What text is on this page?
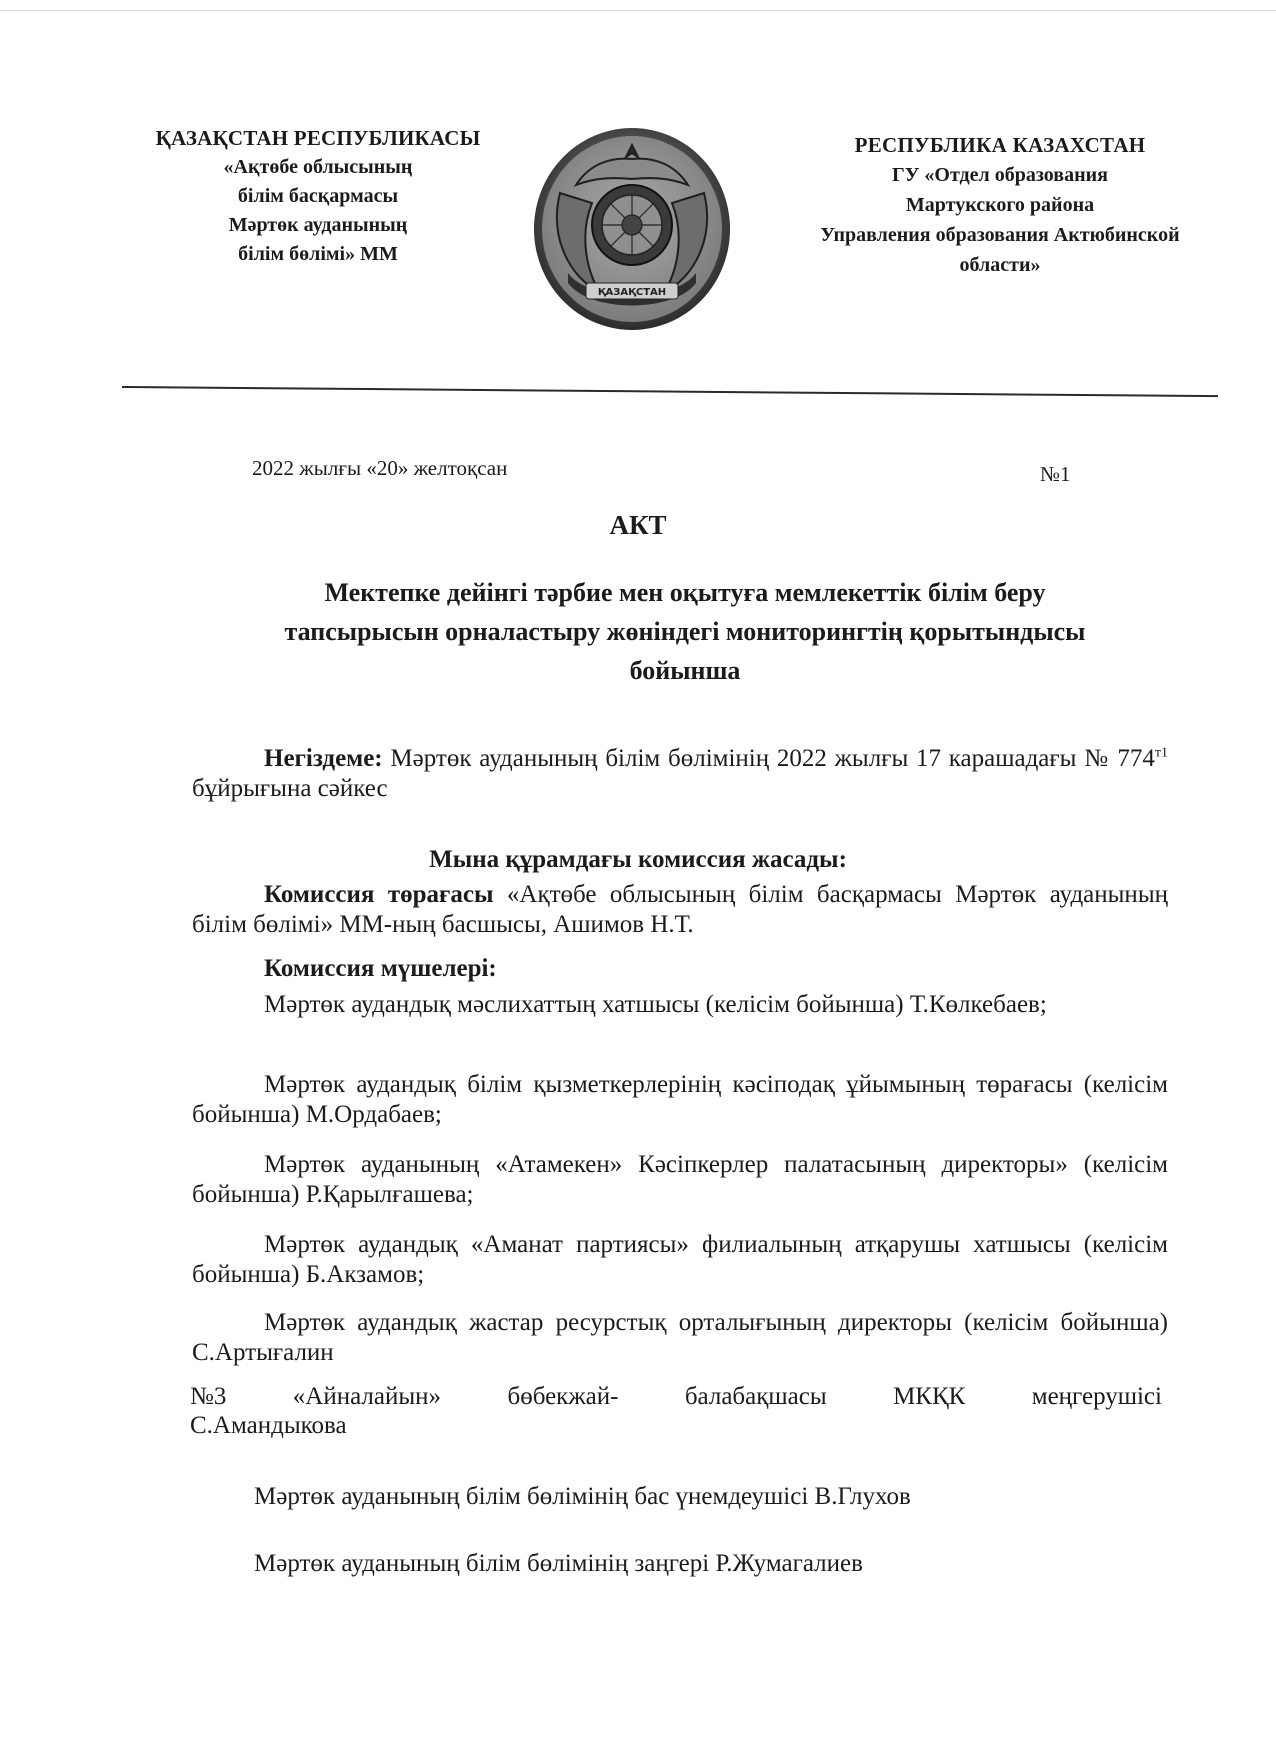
ҚАЗАҚСТАН РЕСПУБЛИКАСЫ
«Ақтөбе облысының
білім басқармасы
Мәртөк ауданының
білім бөлімі» ММ
ҚАЗАҚСТАН
РЕСПУБЛИКА КАЗАХСТАН
ГУ «Отдел образования
Мартукского района
Управления образования Актюбинской
области»
2022 жылғы «20» желтоқсан	№1
АКТ
Мектепке дейінгі тәрбие мен оқытуға мемлекеттік білім беру
тапсырысын орналастыру жөніндегі мониторингтің қорытындысы
бойынша
Негіздеме: Мәртөк ауданының білім бөлімінің 2022 жылғы 17 карашадағы № $774^{т1}$ бұйрығына сәйкес
Мына құрамдағы комиссия жасады:
Комиссия төрағасы «Ақтөбе облысының білім басқармасы Мәртөк ауданының білім бөлімі» ММ-ның басшысы, Ашимов Н.Т.
Комиссия мүшелері:
Мәртөк аудандық мәслихаттың хатшысы (келісім бойынша) Т.Көлкебаев;
Мәртөк аудандық білім қызметкерлерінің кәсіподақ ұйымының төрағасы (келісім бойынша) М.Ордабаев;
Мәртөк ауданының «Атамекен» Кәсіпкерлер палатасының директоры» (келісім бойынша) Р.Қарылғашева;
Мәртөк аудандық «Аманат партиясы» филиалының атқарушы хатшысы (келісім бойынша) Б.Акзамов;
Мәртөк аудандық жастар ресурстық орталығының директоры (келісім бойынша) С.Артығалин
№3	«Айналайын»	бөбекжай-	балабақшасы	МКҚК	меңгерушісі
С.Амандыкова
Мәртөк ауданының білім бөлімінің бас үнемдеушісі В.Глухов
Мәртөк ауданының білім бөлімінің заңгері Р.Жумагалиев
